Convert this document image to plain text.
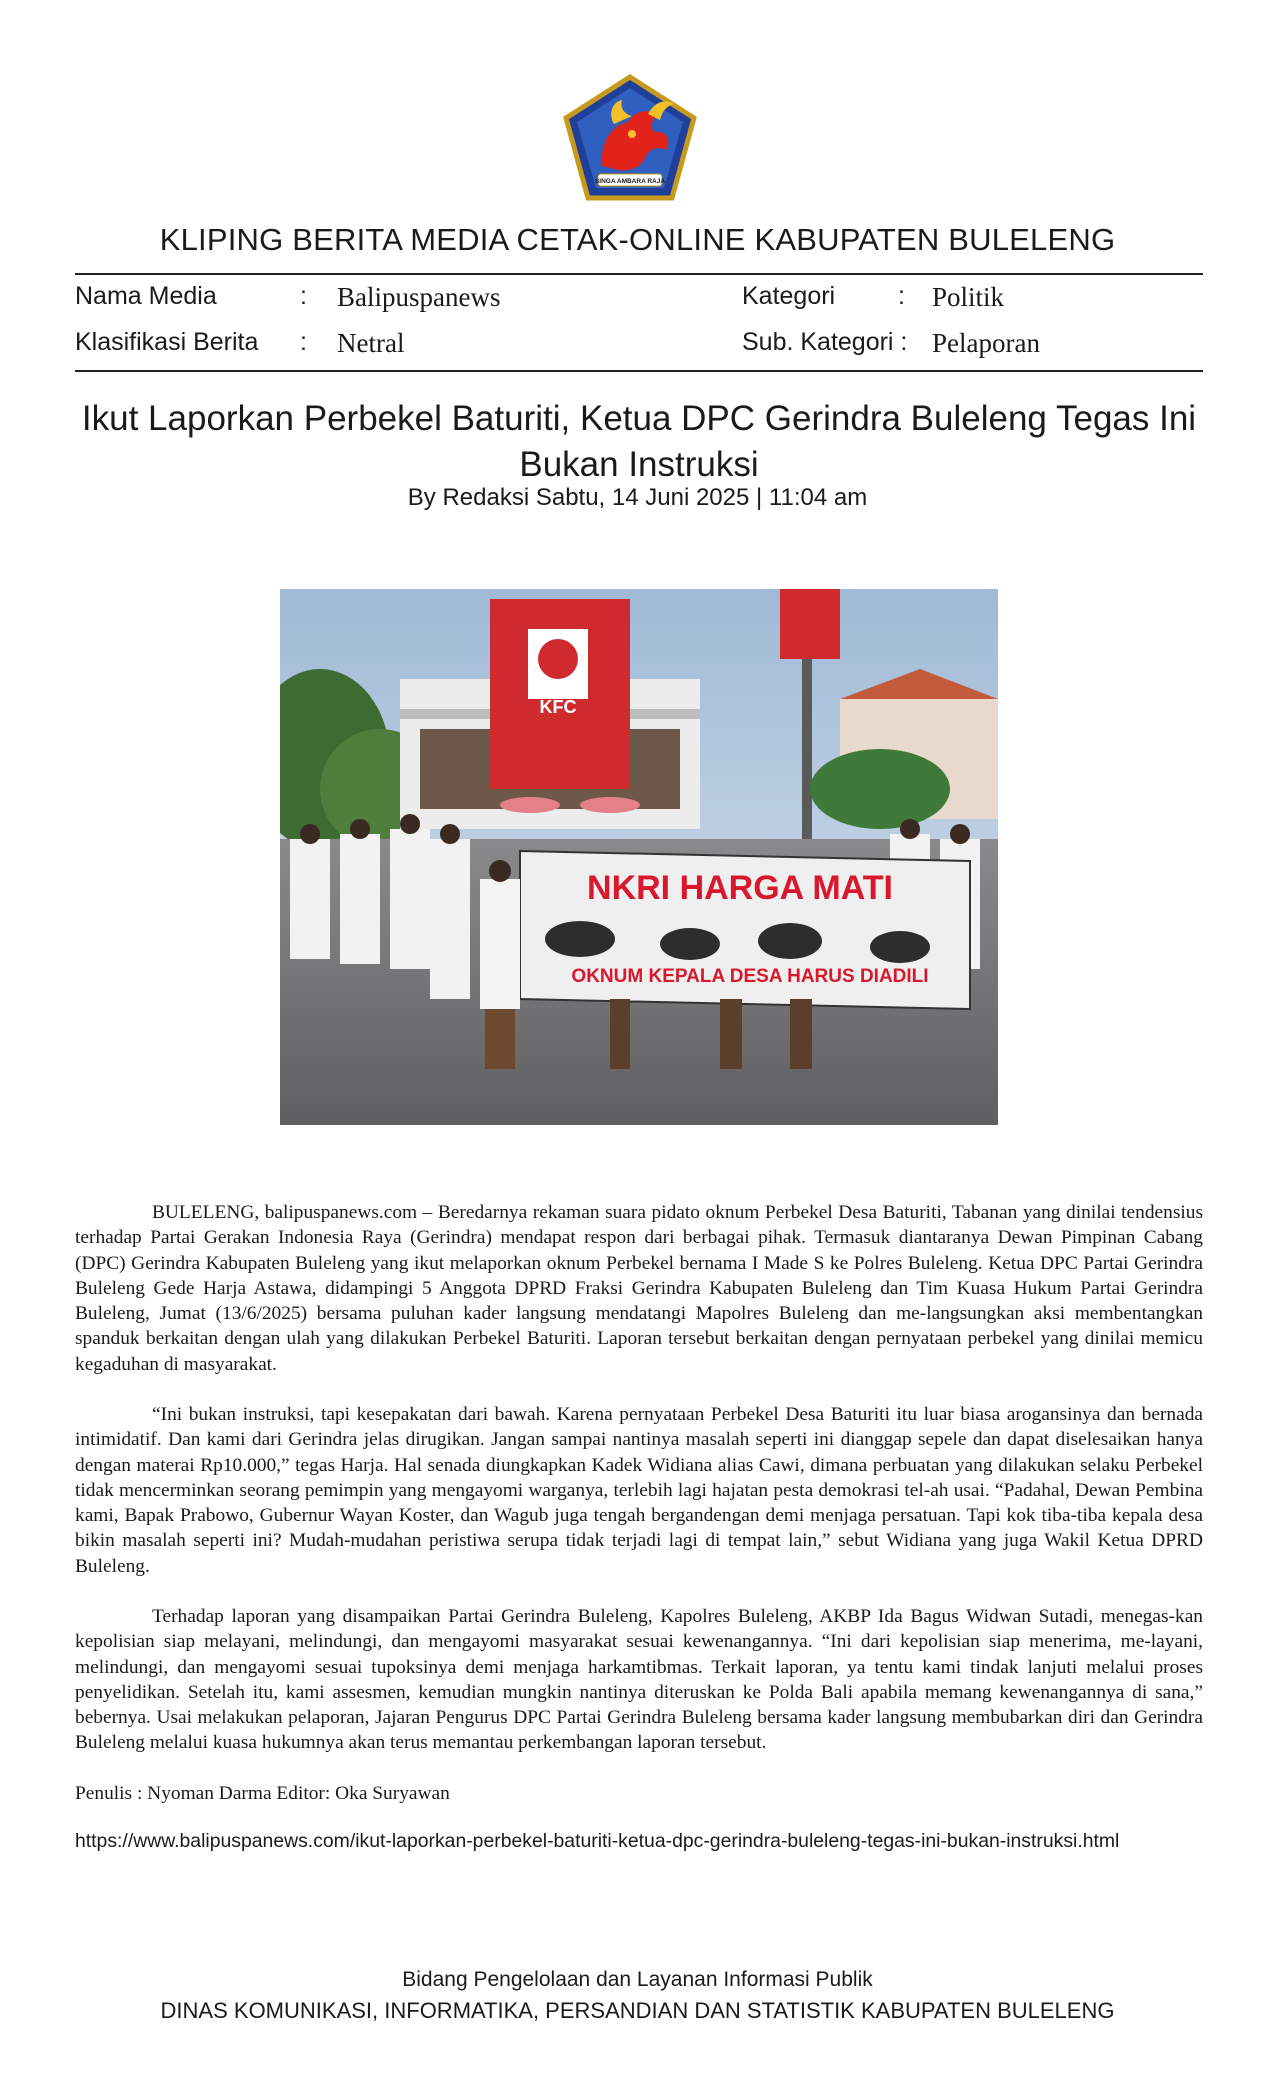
SINGA AMBARA RAJA
KLIPING BERITA MEDIA CETAK-ONLINE KABUPATEN BULELENG
Nama Media	: Balipuspanews	Kategori	: Politik
Klasifikasi Berita : Netral	Sub. Kategori : Pelaporan
Ikut Laporkan Perbekel Baturiti, Ketua DPC Gerindra Buleleng Tegas Ini Bukan Instruksi
By Redaksi Sabtu, 14 Juni 2025 | 11:04 am
KFC
NKRI HARGA MATI
OKNUM KEPALA DESA HARUS DIADILI

BULELENG, balipuspanews.com – Beredarnya rekaman suara pidato oknum Perbekel Desa Baturiti, Tabanan yang dinilai tendensius terhadap Partai Gerakan Indonesia Raya (Gerindra) mendapat respon dari berbagai pihak. Termasuk diantaranya Dewan Pimpinan Cabang (DPC) Gerindra Kabupaten Buleleng yang ikut melaporkan oknum Perbekel bernama I Made S ke Polres Buleleng. Ketua DPC Partai Gerindra Buleleng Gede Harja Astawa, didampingi 5 Anggota DPRD Fraksi Gerindra Kabupaten Buleleng dan Tim Kuasa Hukum Partai Gerindra Buleleng, Jumat (13/6/2025) bersama puluhan kader langsung mendatangi Mapolres Buleleng dan me-langsungkan aksi membentangkan spanduk berkaitan dengan ulah yang dilakukan Perbekel Baturiti. Laporan tersebut berkaitan dengan pernyataan perbekel yang dinilai memicu kegaduhan di masyarakat.

“Ini bukan instruksi, tapi kesepakatan dari bawah. Karena pernyataan Perbekel Desa Baturiti itu luar biasa arogansinya dan bernada intimidatif. Dan kami dari Gerindra jelas dirugikan. Jangan sampai nantinya masalah seperti ini dianggap sepele dan dapat diselesaikan hanya dengan materai Rp10.000,” tegas Harja. Hal senada diungkapkan Kadek Widiana alias Cawi, dimana perbuatan yang dilakukan selaku Perbekel tidak mencerminkan seorang pemimpin yang mengayomi warganya, terlebih lagi hajatan pesta demokrasi tel-ah usai. “Padahal, Dewan Pembina kami, Bapak Prabowo, Gubernur Wayan Koster, dan Wagub juga tengah bergandengan demi menjaga persatuan. Tapi kok tiba-tiba kepala desa bikin masalah seperti ini? Mudah-mudahan peristiwa serupa tidak terjadi lagi di tempat lain,” sebut Widiana yang juga Wakil Ketua DPRD Buleleng.

Terhadap laporan yang disampaikan Partai Gerindra Buleleng, Kapolres Buleleng, AKBP Ida Bagus Widwan Sutadi, menegas-kan kepolisian siap melayani, melindungi, dan mengayomi masyarakat sesuai kewenangannya. “Ini dari kepolisian siap menerima, me-layani, melindungi, dan mengayomi sesuai tupoksinya demi menjaga harkamtibmas. Terkait laporan, ya tentu kami tindak lanjuti melalui proses penyelidikan. Setelah itu, kami assesmen, kemudian mungkin nantinya diteruskan ke Polda Bali apabila memang kewenangannya di sana,” bebernya. Usai melakukan pelaporan, Jajaran Pengurus DPC Partai Gerindra Buleleng bersama kader langsung membubarkan diri dan Gerindra Buleleng melalui kuasa hukumnya akan terus memantau perkembangan laporan tersebut.

Penulis : Nyoman Darma Editor: Oka Suryawan
https://www.balipuspanews.com/ikut-laporkan-perbekel-baturiti-ketua-dpc-gerindra-buleleng-tegas-ini-bukan-instruksi.html
Bidang Pengelolaan dan Layanan Informasi Publik
DINAS KOMUNIKASI, INFORMATIKA, PERSANDIAN DAN STATISTIK KABUPATEN BULELENG
